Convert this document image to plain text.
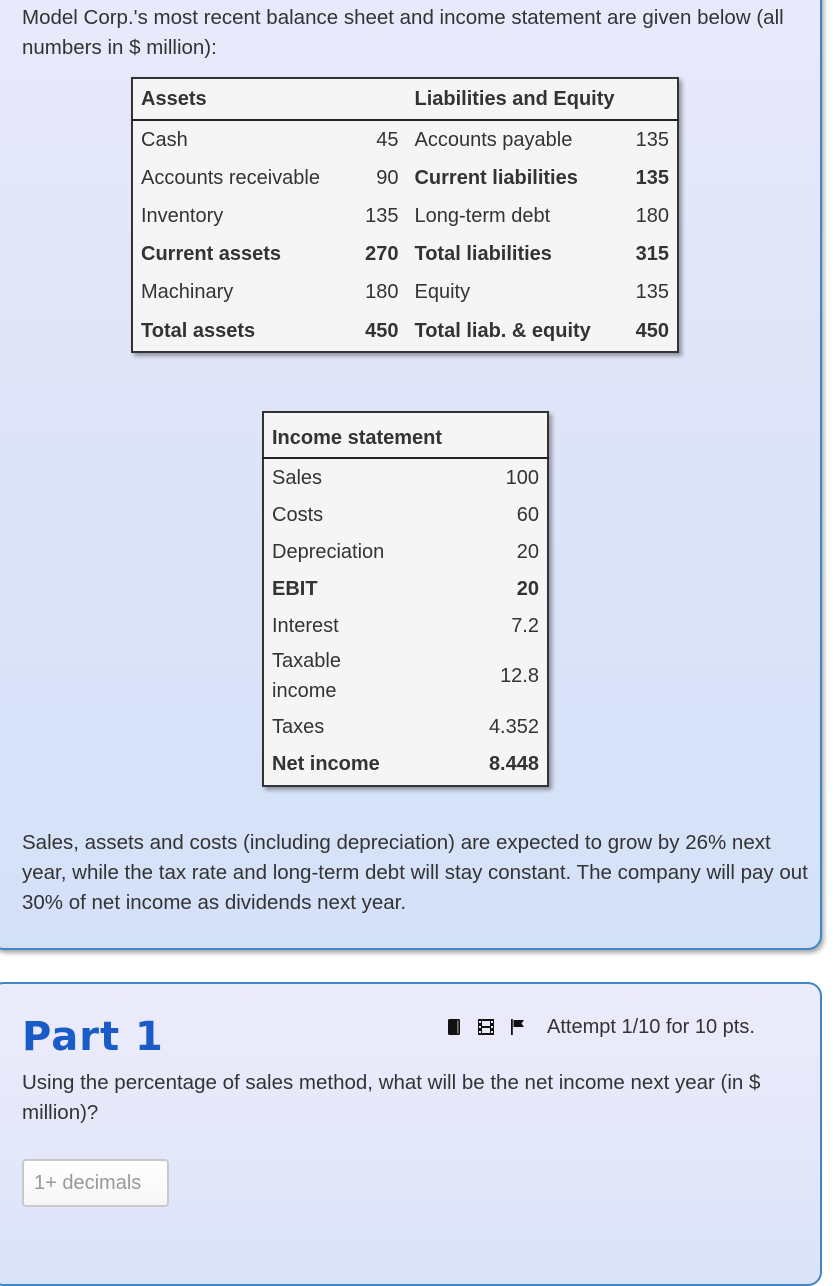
Model Corp.'s most recent balance sheet and income statement are given below (all numbers in $ million):

Assets		Liabilities and Equity	
Cash	45	Accounts payable	135
Accounts receivable	90	Current liabilities	135
Inventory	135	Long-term debt	180
Current assets	270	Total liabilities	315
Machinary	180	Equity	135
Total assets	450	Total liab. & equity	450
Income statement	
Sales	100
Costs	60
Depreciation	20
EBIT	20
Interest	7.2
Taxable income	12.8
Taxes	4.352
Net income	8.448

Sales, assets and costs (including depreciation) are expected to grow by 26% next year, while the tax rate and long-term debt will stay constant. The company will pay out 30% of net income as dividends next year.

Part 1	Attempt 1/10 for 10 pts.

Using the percentage of sales method, what will be the net income next year (in $ million)?

1+ decimals
